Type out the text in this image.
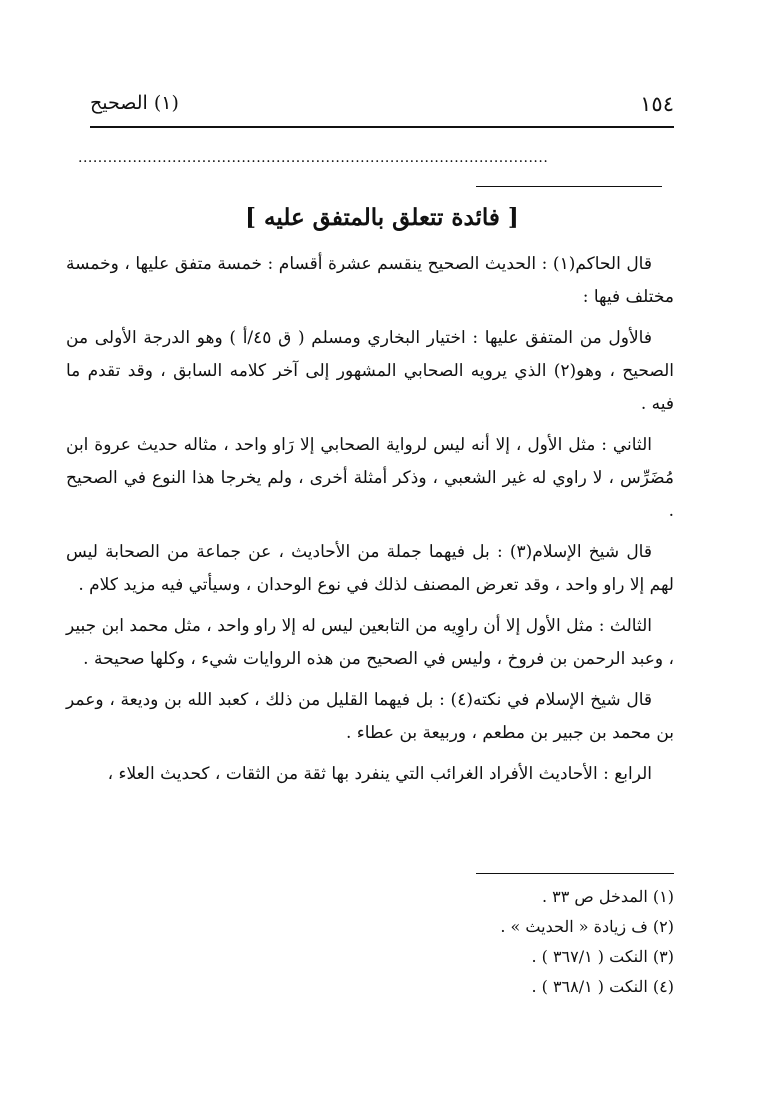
١٥٤
(١) الصحيح
...............................................................................................
[ فائدة تتعلق بالمتفق عليه ]

قال الحاكم(١) : الحديث الصحيح ينقسم عشرة أقسام : خمسة متفق عليها ، وخمسة مختلف فيها :

فالأول من المتفق عليها : اختيار البخاري ومسلم ( ق ٤٥/أ ) وهو الدرجة الأولى من الصحيح ، وهو(٢) الذي يرويه الصحابي المشهور إلى آخر كلامه السابق ، وقد تقدم ما فيه .

الثاني : مثل الأول ، إلا أنه ليس لرواية الصحابي إلا رَاو واحد ، مثاله حديث عروة ابن مُضَرِّس ، لا راوي له غير الشعبي ، وذكر أمثلة أخرى ، ولم يخرجا هذا النوع في الصحيح .

قال شيخ الإسلام(٣) : بل فيهما جملة من الأحاديث ، عن جماعة من الصحابة ليس لهم إلا راو واحد ، وقد تعرض المصنف لذلك في نوع الوحدان ، وسيأتي فيه مزيد كلام .

الثالث : مثل الأول إلا أن راوِيه من التابعين ليس له إلا راو واحد ، مثل محمد ابن جبير ، وعبد الرحمن بن فروخ ، وليس في الصحيح من هذه الروايات شيء ، وكلها صحيحة .

قال شيخ الإسلام في نكته(٤) : بل فيهما القليل من ذلك ، كعبد الله بن وديعة ، وعمر بن محمد بن جبير بن مطعم ، وربيعة بن عطاء .

الرابع : الأحاديث الأفراد الغرائب التي ينفرد بها ثقة من الثقات ، كحديث العلاء ،

(١) المدخل ص ٣٣ .
(٢) ف زيادة « الحديث » .
(٣) النكت ( ٣٦٧/١ ) .
(٤) النكت ( ٣٦٨/١ ) .
